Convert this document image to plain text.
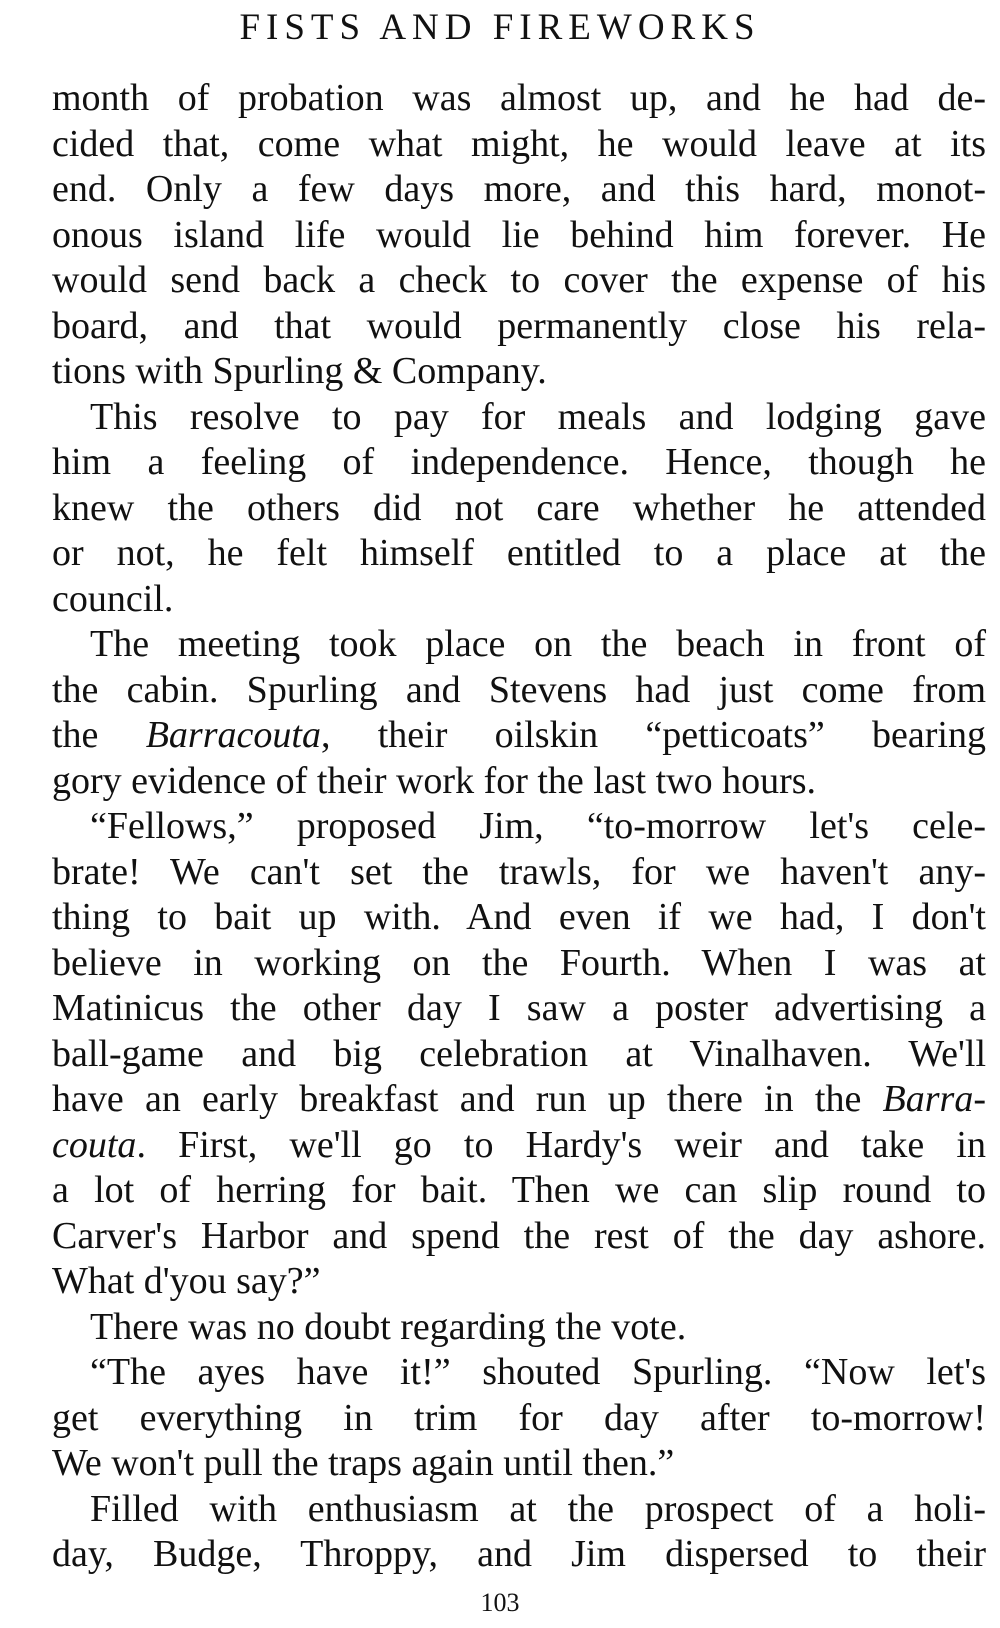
FISTS AND FIREWORKS
month of probation was almost up, and he had de-
cided that, come what might, he would leave at its
end. Only a few days more, and this hard, monot-
onous island life would lie behind him forever. He
would send back a check to cover the expense of his
board, and that would permanently close his rela-
tions with Spurling & Company.
This resolve to pay for meals and lodging gave
him a feeling of independence. Hence, though he
knew the others did not care whether he attended
or not, he felt himself entitled to a place at the
council.
The meeting took place on the beach in front of
the cabin. Spurling and Stevens had just come from
the Barracouta, their oilskin “petticoats” bearing
gory evidence of their work for the last two hours.
“Fellows,” proposed Jim, “to-morrow let's cele-
brate! We can't set the trawls, for we haven't any-
thing to bait up with. And even if we had, I don't
believe in working on the Fourth. When I was at
Matinicus the other day I saw a poster advertising a
ball-game and big celebration at Vinalhaven. We'll
have an early breakfast and run up there in the Barra-
couta. First, we'll go to Hardy's weir and take in
a lot of herring for bait. Then we can slip round to
Carver's Harbor and spend the rest of the day ashore.
What d'you say?”
There was no doubt regarding the vote.
“The ayes have it!” shouted Spurling. “Now let's
get everything in trim for day after to-morrow!
We won't pull the traps again until then.”
Filled with enthusiasm at the prospect of a holi-
day, Budge, Throppy, and Jim dispersed to their
103
